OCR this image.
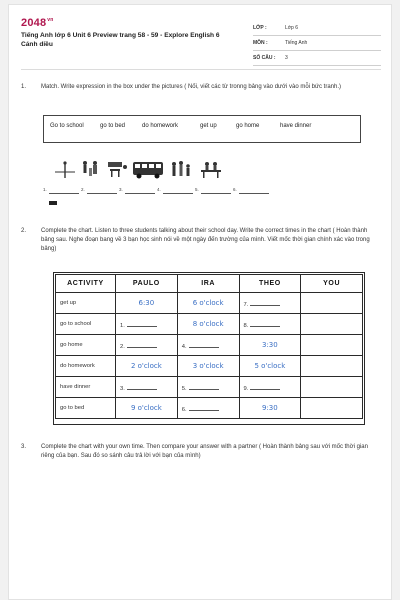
$2048^{vn}$
Tiếng Anh lớp 6 Unit 6 Preview trang 58 - 59 - Explore English 6 Cánh diều
LỚP :	Lớp 6
MÔN :	Tiếng Anh
SỐ CÂU :	3
1. Match. Write expression in the box under the pictures ( Nối, viết các từ tronng bảng vào dưới vào mỗi bức tranh.)
Go to school	go to bed	do homework	get up	go home	have dinner
1.	2.	3.	4.	5.	6.
2. Complete the chart. Listen to three students talking about their school day. Write the correct times in the chart ( Hoàn thành bảng sau. Nghe đoạn bang về 3 bạn học sinh nói về một ngày đến trường của mình. Viết mốc thời gian chính xác vào trong bảng)
ACTIVITY	PAULO	IRA	THEO	YOU
get up	6:30	6 o'clock	7.	
go to school	1.	8 o'clock	8.	
go home	2.	4.	3:30	
do homework	2 o'clock	3 o'clock	5 o'clock	
have dinner	3.	5.	9.	
go to bed	9 o'clock	6.	9:30	
3. Complete the chart with your own time. Then compare your answer with a partner ( Hoàn thành bảng sau với mốc thời gian riêng của bạn. Sau đó so sánh câu trả lời với bạn của mình)
